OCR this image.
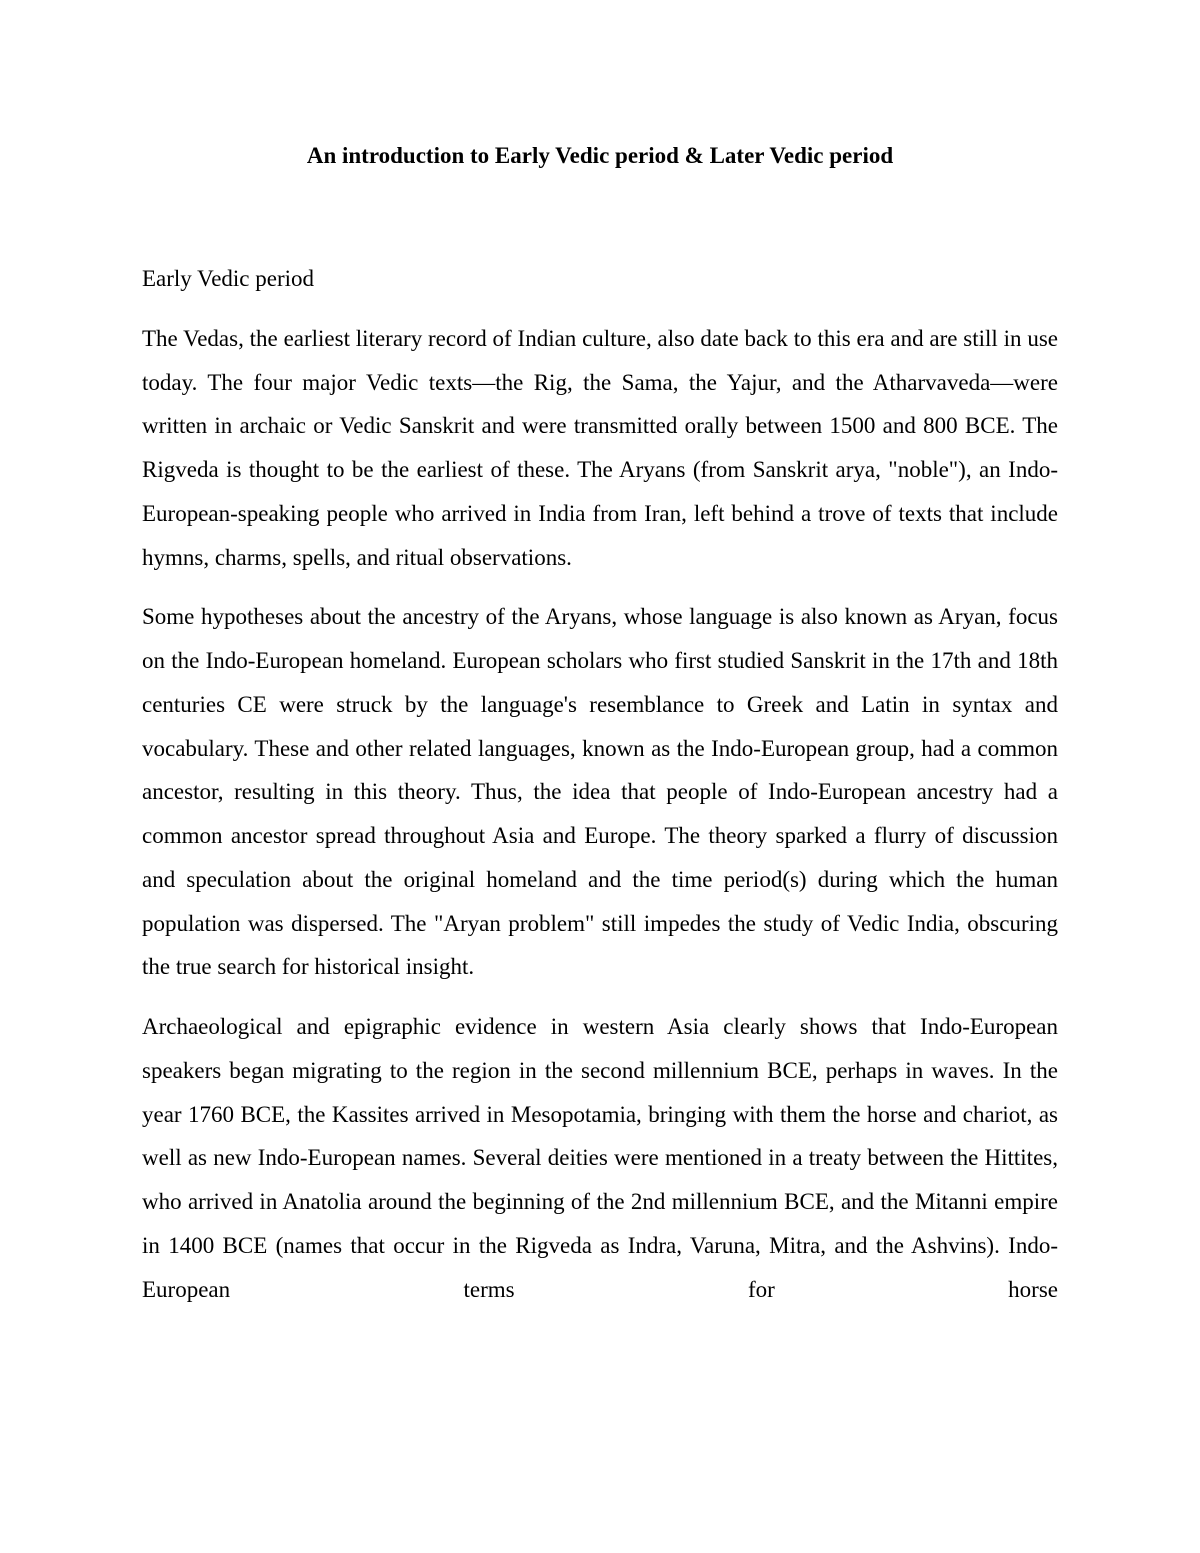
An introduction to Early Vedic period & Later Vedic period

Early Vedic period

The Vedas, the earliest literary record of Indian culture, also date back to this era and are still in use today. The four major Vedic texts—the Rig, the Sama, the Yajur, and the Atharvaveda—were written in archaic or Vedic Sanskrit and were transmitted orally between 1500 and 800 BCE. The Rigveda is thought to be the earliest of these. The Aryans (from Sanskrit arya, "noble"), an Indo-European-speaking people who arrived in India from Iran, left behind a trove of texts that include hymns, charms, spells, and ritual observations.

Some hypotheses about the ancestry of the Aryans, whose language is also known as Aryan, focus on the Indo-European homeland. European scholars who first studied Sanskrit in the 17th and 18th centuries CE were struck by the language's resemblance to Greek and Latin in syntax and vocabulary. These and other related languages, known as the Indo-European group, had a common ancestor, resulting in this theory. Thus, the idea that people of Indo-European ancestry had a common ancestor spread throughout Asia and Europe. The theory sparked a flurry of discussion and speculation about the original homeland and the time period(s) during which the human population was dispersed. The "Aryan problem" still impedes the study of Vedic India, obscuring the true search for historical insight.

Archaeological and epigraphic evidence in western Asia clearly shows that Indo-European speakers began migrating to the region in the second millennium BCE, perhaps in waves. In the year 1760 BCE, the Kassites arrived in Mesopotamia, bringing with them the horse and chariot, as well as new Indo-European names. Several deities were mentioned in a treaty between the Hittites, who arrived in Anatolia around the beginning of the 2nd millennium BCE, and the Mitanni empire in 1400 BCE (names that occur in the Rigveda as Indra, Varuna, Mitra, and the Ashvins). Indo-European terms for horse
